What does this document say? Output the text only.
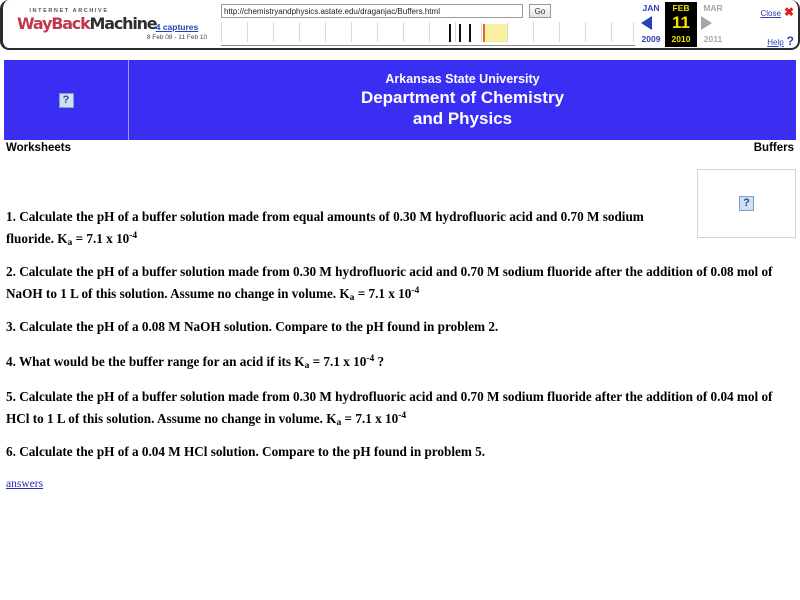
INTERNET ARCHIVE
WayBackMachine 4 captures
8 Feb 08 - 11 Feb 10
http://chemistryandphysics.astate.edu/draganjac/Buffers.html
Go	JAN	FEB	MAR
11
2009	2010	2011
Close ✖
Help ?
?
Arkansas State University
Department of Chemistry
and Physics
Worksheets	Buffers
?

1. Calculate the pH of a buffer solution made from equal amounts of 0.30 M hydrofluoric acid and 0.70 M sodium fluoride. $K_a = 7.1$ x $10^{-4}$

2. Calculate the pH of a buffer solution made from 0.30 M hydrofluoric acid and 0.70 M sodium fluoride after the addition of 0.08 mol of NaOH to 1 L of this solution. Assume no change in volume. $K_a = 7.1$ x $10^{-4}$

3. Calculate the pH of a 0.08 M NaOH solution. Compare to the pH found in problem 2.

4. What would be the buffer range for an acid if its $K_a = 7.1$ x $10^{-4}$ ?

5. Calculate the pH of a buffer solution made from 0.30 M hydrofluoric acid and 0.70 M sodium fluoride after the addition of 0.04 mol of HCl to 1 L of this solution. Assume no change in volume. $K_a = 7.1$ x $10^{-4}$

6. Calculate the pH of a 0.04 M HCl solution. Compare to the pH found in problem 5.

answers
